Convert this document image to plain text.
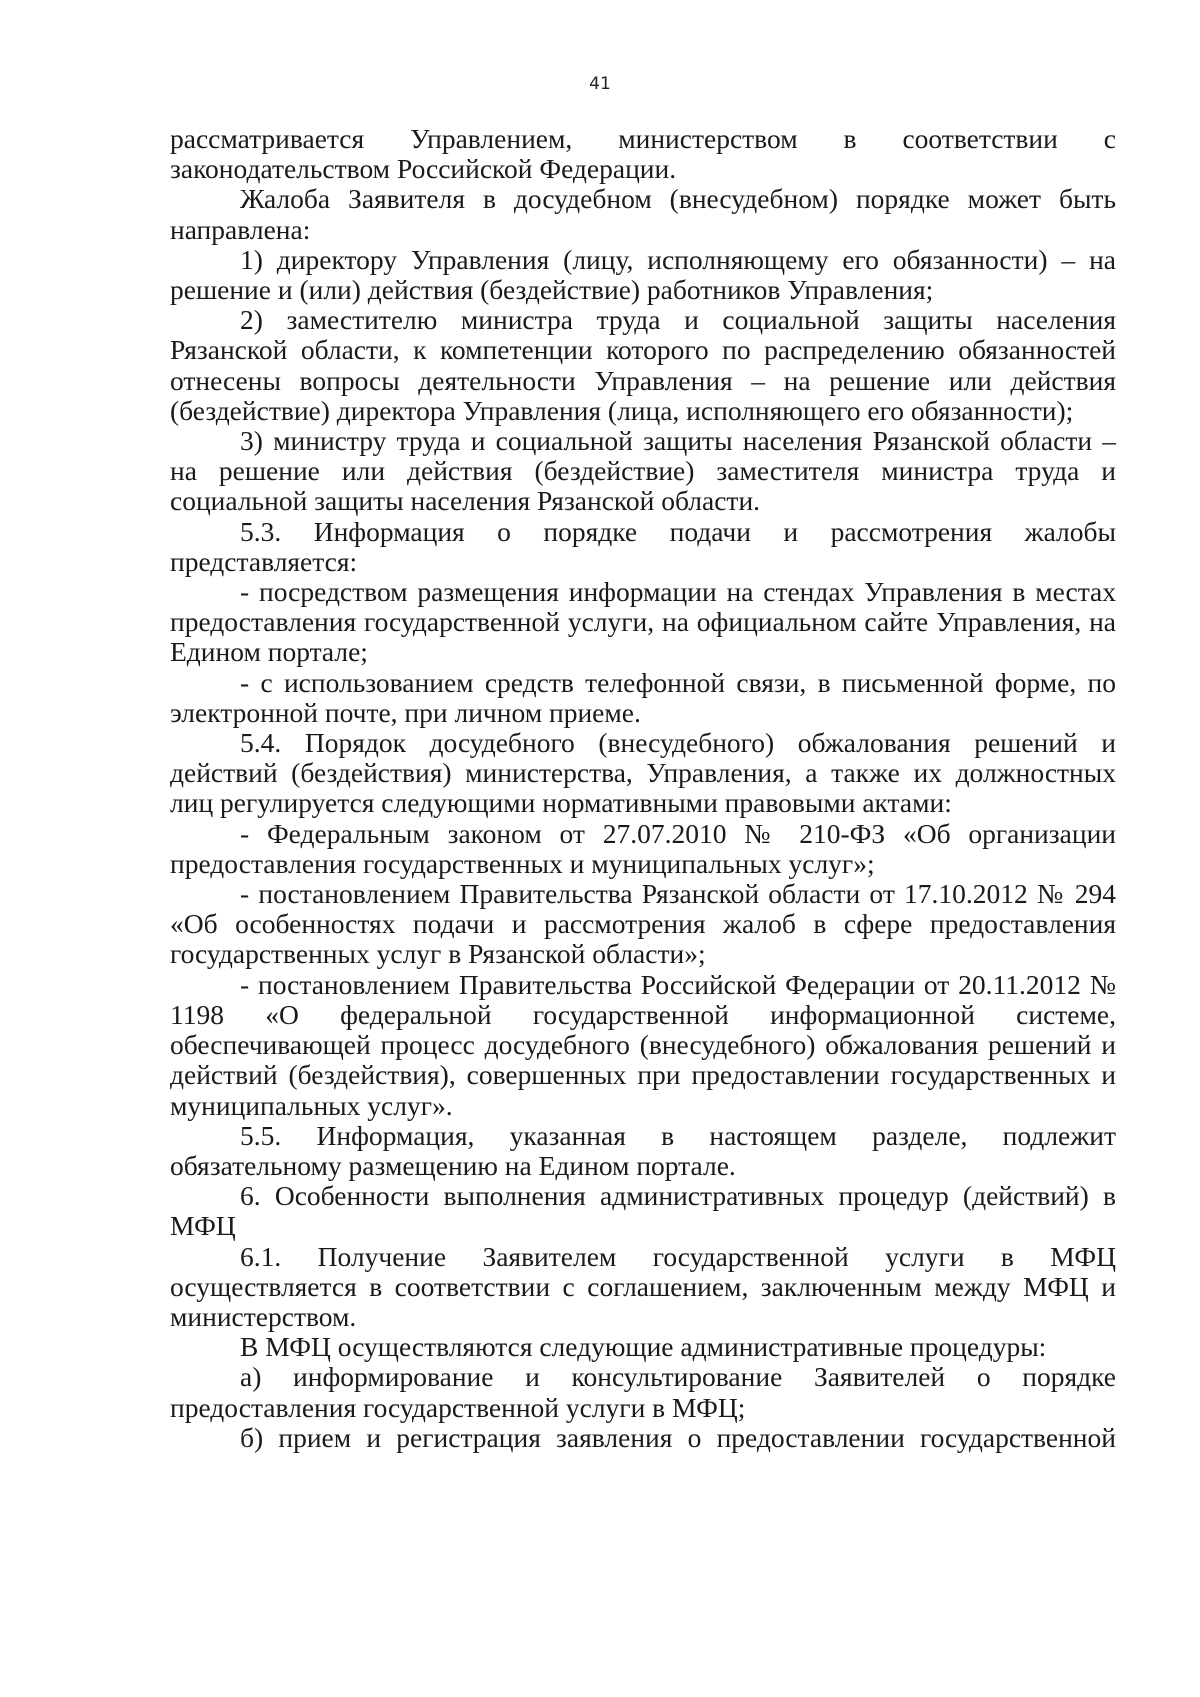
41

рассматривается Управлением, министерством в соответствии с законодательством Российской Федерации.

Жалоба Заявителя в досудебном (внесудебном) порядке может быть направлена:

1) директору Управления (лицу, исполняющему его обязанности) – на решение и (или) действия (бездействие) работников Управления;

2) заместителю министра труда и социальной защиты населения Рязанской области, к компетенции которого по распределению обязанностей отнесены вопросы деятельности Управления – на решение или действия (бездействие) директора Управления (лица, исполняющего его обязанности);

3) министру труда и социальной защиты населения Рязанской области – на решение или действия (бездействие) заместителя министра труда и социальной защиты населения Рязанской области.

5.3. Информация о порядке подачи и рассмотрения жалобы представляется:

- посредством размещения информации на стендах Управления в местах предоставления государственной услуги, на официальном сайте Управления, на Едином портале;

- с использованием средств телефонной связи, в письменной форме, по электронной почте, при личном приеме.

5.4. Порядок досудебного (внесудебного) обжалования решений и действий (бездействия) министерства, Управления, а также их должностных лиц регулируется следующими нормативными правовыми актами:

- Федеральным законом от 27.07.2010 № 210-ФЗ «Об организации предоставления государственных и муниципальных услуг»;

- постановлением Правительства Рязанской области от 17.10.2012 № 294 «Об особенностях подачи и рассмотрения жалоб в сфере предоставления государственных услуг в Рязанской области»;

- постановлением Правительства Российской Федерации от 20.11.2012 № 1198 «О федеральной государственной информационной системе, обеспечивающей процесс досудебного (внесудебного) обжалования решений и действий (бездействия), совершенных при предоставлении государственных и муниципальных услуг».

5.5. Информация, указанная в настоящем разделе, подлежит обязательному размещению на Едином портале.

6. Особенности выполнения административных процедур (действий) в МФЦ

6.1. Получение Заявителем государственной услуги в МФЦ осуществляется в соответствии с соглашением, заключенным между МФЦ и министерством.

В МФЦ осуществляются следующие административные процедуры:

а) информирование и консультирование Заявителей о порядке предоставления государственной услуги в МФЦ;

б) прием и регистрация заявления о предоставлении государственной
